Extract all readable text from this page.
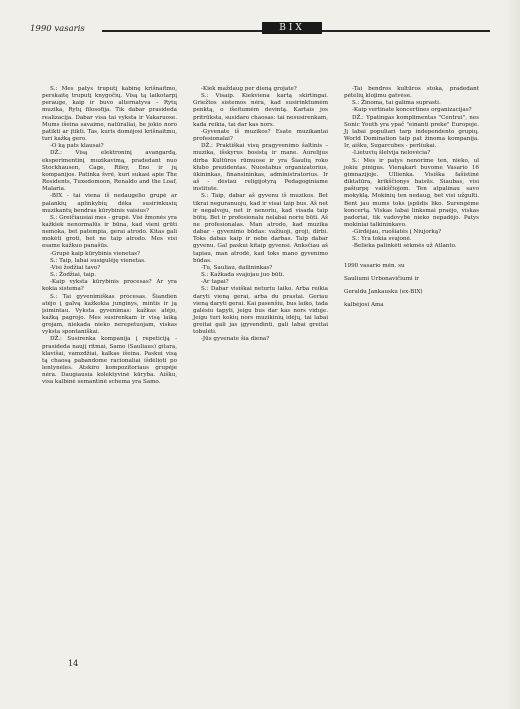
1990 vasaris	BIX

S.: Mes patys truputį kabinę krišnaitmo, perskaitę truputį knygočių. Visą tą laikotarpį perauge, kaip ir buvo alternatyva – Rytų muzika, Rytų filosofija. Tik dabar prasideda realizacija. Dabar visa tai vyksta ir Vakaruose. Mums išeina savaime, natūraliai, be jokio noro patikti ar įtikti. Tas, kuris domėjosi krišnaitmu, turi kažką gero.

-O ką pats klausai?

DŽ.: Visą elektroninį avangardą, eksperimentinį muzikavimą, pradedant nuo Stockhausen, Cage, Riley, Eno ir jų kompanijos. Patinka švrė, kuri sukasi apie The Residents, Tuxedomoon, Renaldo and the Loaf, Malaria.

-BIX - tai viena iš nedaugelio grupė ar palankių aplinkybių dėka susirinkusių muzikantų bendras kūrybinis vaisius?

S.: Greičiausiai mes - grupė. Visi žmonės yra kažkiek nenormalūs ir būna, kad vieni grūti nemoka, bet patempia, gerai atrodo. Kitas gali mokėti groti, bet ne taip atrodo. Mes visi esame kažkuo panašūs.

-Grupė kaip kūrybinis vienetas?

S.: Taip, labai susigulėję vienetas.

-Visi žodžiai tavo?

S.: Žodžiai, taip.

-Kaip vyksta kūrybinis procesas? Ar yra kokia sistema?

S.: Tai gyvenimiškas procesas. Šiandien atėjo į galvą kažkokia junginys, mintis ir ją įsimintau. Vyksta gyvenimas: kažkas atėjo, kažką pagrojo. Mes susirenkam ir visą laiką grojam, niekada nieko nerepetuojam, viskas vyksta spontaniškai.

DŽ.: Susirenka kompanija į repeticiją - prasideda naujį ritmai, Samo (Sauliaus) gitara, klavišai, vamzdžiai, kalkas išeina. Paskui visą tą chaosą pabandome racionaliai išdėlioti po lentynėles. Atskiro kompozitoriaus grupėje nėra. Daugiausia kolektyvinė kūryba. Aišku, visa kalbinė semantinė schema yra Samo.

-Kiek maždaug per dieną grojate?

S.: Visaip. Kiekviena kartą skirtingai. Griežtos sistemos nėra, kad susirinktumėm penktą, o išeitumėm devintą. Kartais jos pritrūksta, susidaro chaosas: tai nesusirenkam, kada reikia, tai dar kas nors.

-Gyvenate iš muzikos? Esate muzikantai profesionalai?

DŽ.: Praktiškai visų pragyvenimo šaltinis – muzika, išskyrus bosistą ir mane. Aurelijus dirba Kultūros rūmuose ir yra Šiaulių roko klubo prezidentas. Nuostabus organizatorius, ūkininkas, finansininkas, administratorius. Ir aš - dėstau religijotyrą Pedagoginiame institute.

S.: Taip, dabar aš gyvenu iš muzikos. Bet tikrai neguranuoju, kad ir visai taip bus. Aš net ir negalvoju, net ir nenoriu, kad visada taip būtų. Bet ir profesionalu nelabai noriu būti. Aš ne profesionalas. Man atrodo, kad muzika dabar - gyvenimo būdas: važiuoji, groji, dirbi. Toks dabas kaip ir nebe darbas. Taip dabar gyvenu. Gal paskui kitaip gyvensi. Anksčiau aš tapiau, man atrodė, kad toks mano gyvenimo būdas.

-Tu, Sauliau, dailininkas?

S.: Kažkada svajojau juo būti.

-Ar tapai?

S.: Dabar visiškai neturiu laiko. Arba reikia daryti vieną gerai, arba du prastai. Geriau vieną daryti gerai. Kai pasenšiu, bus laiko, tada galėsiu tapyti, jeigu bus dar kas nors viduje. Jeigu turi kokių nors muzikinių idėjų, tai labai greitai gali jas įgyvendinti, gali labai greitai tobulėti.

-Jūs gyvenate šia diena?

-Tai bendros kultūros stoka, pradedant pėtelių kloįimu gatvėse.

S.: Žinoma, tai galima suprasti.

-Kaip vertinate koncertines organizacijas?

DŽ.: Ypatingas komplimentas "Centrui", nes Sonic Youth yra ypač "einanti preke" Europoje. Jį labai populiari tarp independento grupių. World Domination taip pat žinoma kompanija. Ir, aišku, Sugarcubes - perliukai.

-Lietuvių šlelvija nelovėcia?

S.: Mes ir patys nenorime ten, nieko, ul jokiu pinigus. Vienąkart buvome Vasario 16 gimnazijoje. UIlienka. Visiška fašistinė diktatūra, krikščionys baisūs. Siaubas, visi pašiurpę vaikščiojom. Ten atpalinau savo mokyklą. Mokinių ten nedaug, bet visi užgulti. Bent jau mums toks įspūdis liko. Surengėme koncertą. Viskas labai linksmai praėjo, viskas padoriai, tik vadovybė nieko nepadėjo. Patys mokiniai talkininkavo.

-Girdėjau, ruošiatės į Niujorką?

S.: Yra tokia svajonė.

-Belieka palinkėti sėkmės už Atlanto.

1990 vasario mėn. su

Sauliumi Urbonavičiumi ir

Geraldu Jankausku (ex-BIX)

kalbėjosi Ama

14
